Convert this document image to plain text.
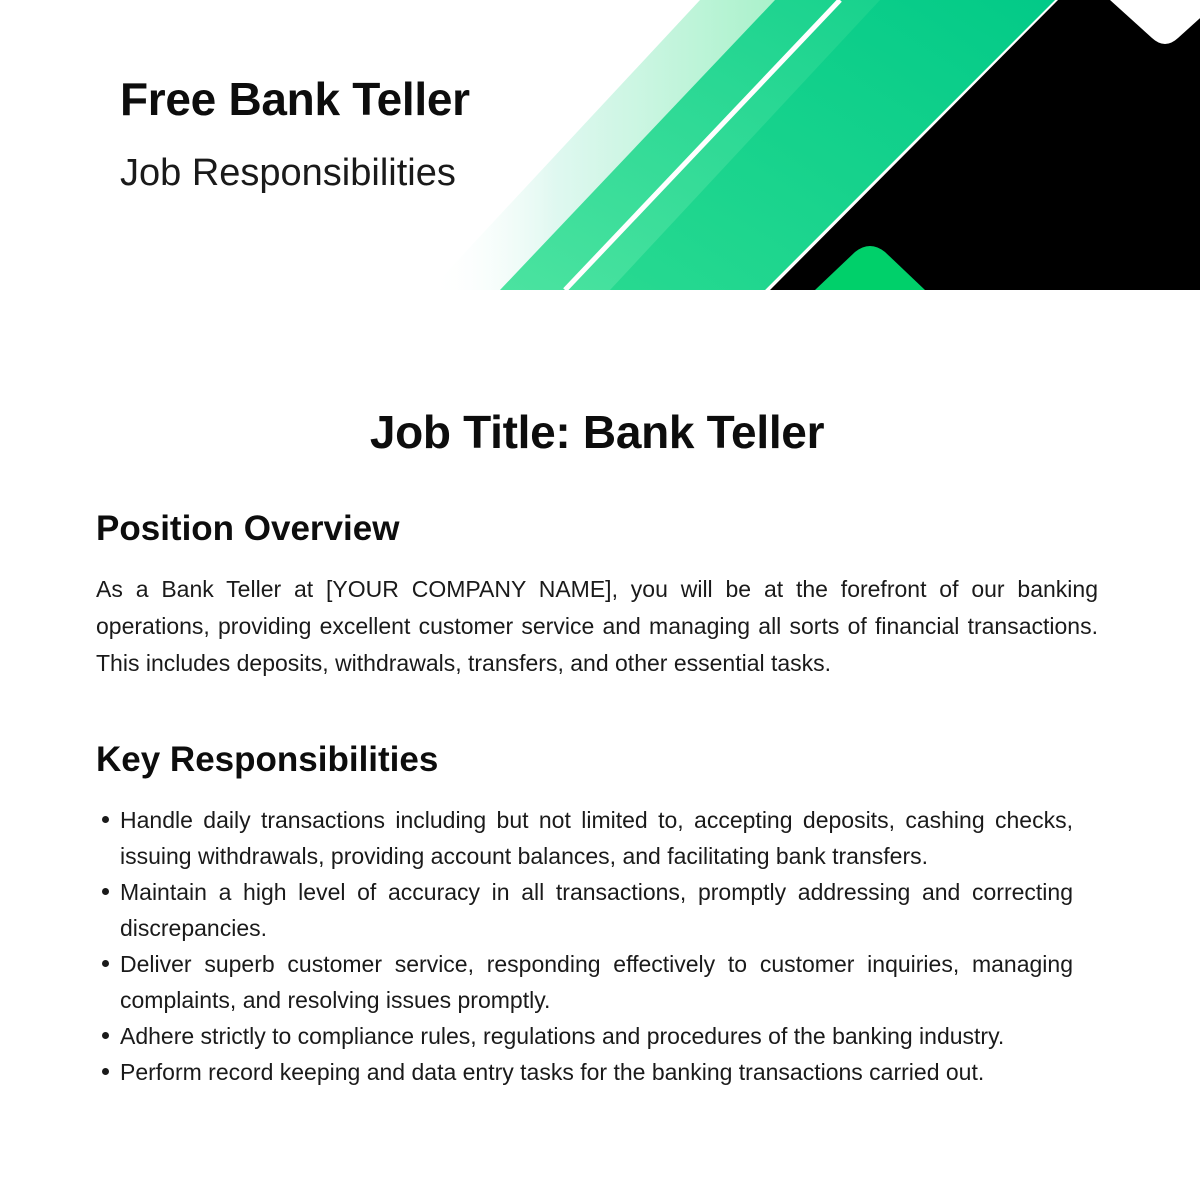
Free Bank Teller
Job Responsibilities
Job Title: Bank Teller
Position Overview

As a Bank Teller at [YOUR COMPANY NAME], you will be at the forefront of our banking operations, providing excellent customer service and managing all sorts of financial transactions. This includes deposits, withdrawals, transfers, and other essential tasks.

Key Responsibilities
Handle daily transactions including but not limited to, accepting deposits, cashing checks, issuing withdrawals, providing account balances, and facilitating bank transfers.
Maintain a high level of accuracy in all transactions, promptly addressing and correcting discrepancies.
Deliver superb customer service, responding effectively to customer inquiries, managing complaints, and resolving issues promptly.
Adhere strictly to compliance rules, regulations and procedures of the banking industry.
Perform record keeping and data entry tasks for the banking transactions carried out.
